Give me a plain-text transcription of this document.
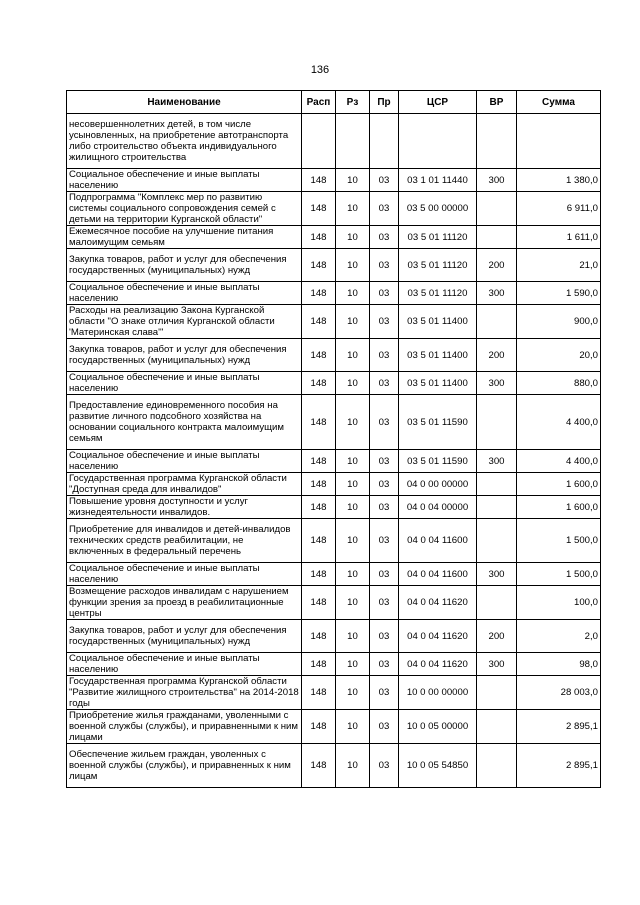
136
Наименование	Расп	Рз	Пр	ЦСР	ВР	Сумма
несовершеннолетних детей, в том числе усыновленных, на приобретение автотранспорта либо строительство объекта индивидуального жилищного строительства						
Социальное обеспечение и иные выплаты населению	148	10	03	03 1 01 11440	300	1 380,0
Подпрограмма "Комплекс мер по развитию системы социального сопровождения семей с детьми на территории Курганской области"	148	10	03	03 5 00 00000		6 911,0
Ежемесячное пособие на улучшение питания малоимущим семьям	148	10	03	03 5 01 11120		1 611,0
Закупка товаров, работ и услуг для обеспечения государственных (муниципальных) нужд	148	10	03	03 5 01 11120	200	21,0
Социальное обеспечение и иные выплаты населению	148	10	03	03 5 01 11120	300	1 590,0
Расходы на реализацию Закона Курганской области "О знаке отличия Курганской области 'Материнская слава'"	148	10	03	03 5 01 11400		900,0
Закупка товаров, работ и услуг для обеспечения государственных (муниципальных) нужд	148	10	03	03 5 01 11400	200	20,0
Социальное обеспечение и иные выплаты населению	148	10	03	03 5 01 11400	300	880,0
Предоставление единовременного пособия на развитие личного подсобного хозяйства на основании социального контракта малоимущим семьям	148	10	03	03 5 01 11590		4 400,0
Социальное обеспечение и иные выплаты населению	148	10	03	03 5 01 11590	300	4 400,0
Государственная программа Курганской области "Доступная среда для инвалидов"	148	10	03	04 0 00 00000		1 600,0
Повышение уровня доступности и услуг жизнедеятельности инвалидов.	148	10	03	04 0 04 00000		1 600,0
Приобретение для инвалидов и детей-инвалидов технических средств реабилитации, не включенных в федеральный перечень	148	10	03	04 0 04 11600		1 500,0
Социальное обеспечение и иные выплаты населению	148	10	03	04 0 04 11600	300	1 500,0
Возмещение расходов инвалидам с нарушением функции зрения за проезд в реабилитационные центры	148	10	03	04 0 04 11620		100,0
Закупка товаров, работ и услуг для обеспечения государственных (муниципальных) нужд	148	10	03	04 0 04 11620	200	2,0
Социальное обеспечение и иные выплаты населению	148	10	03	04 0 04 11620	300	98,0
Государственная программа Курганской области "Развитие жилищного строительства" на 2014-2018 годы	148	10	03	10 0 00 00000		28 003,0
Приобретение жилья гражданами, уволенными с военной службы (службы), и приравненными к ним лицами	148	10	03	10 0 05 00000		2 895,1
Обеспечение жильем граждан, уволенных с военной службы (службы), и приравненных к ним лицам	148	10	03	10 0 05 54850		2 895,1
